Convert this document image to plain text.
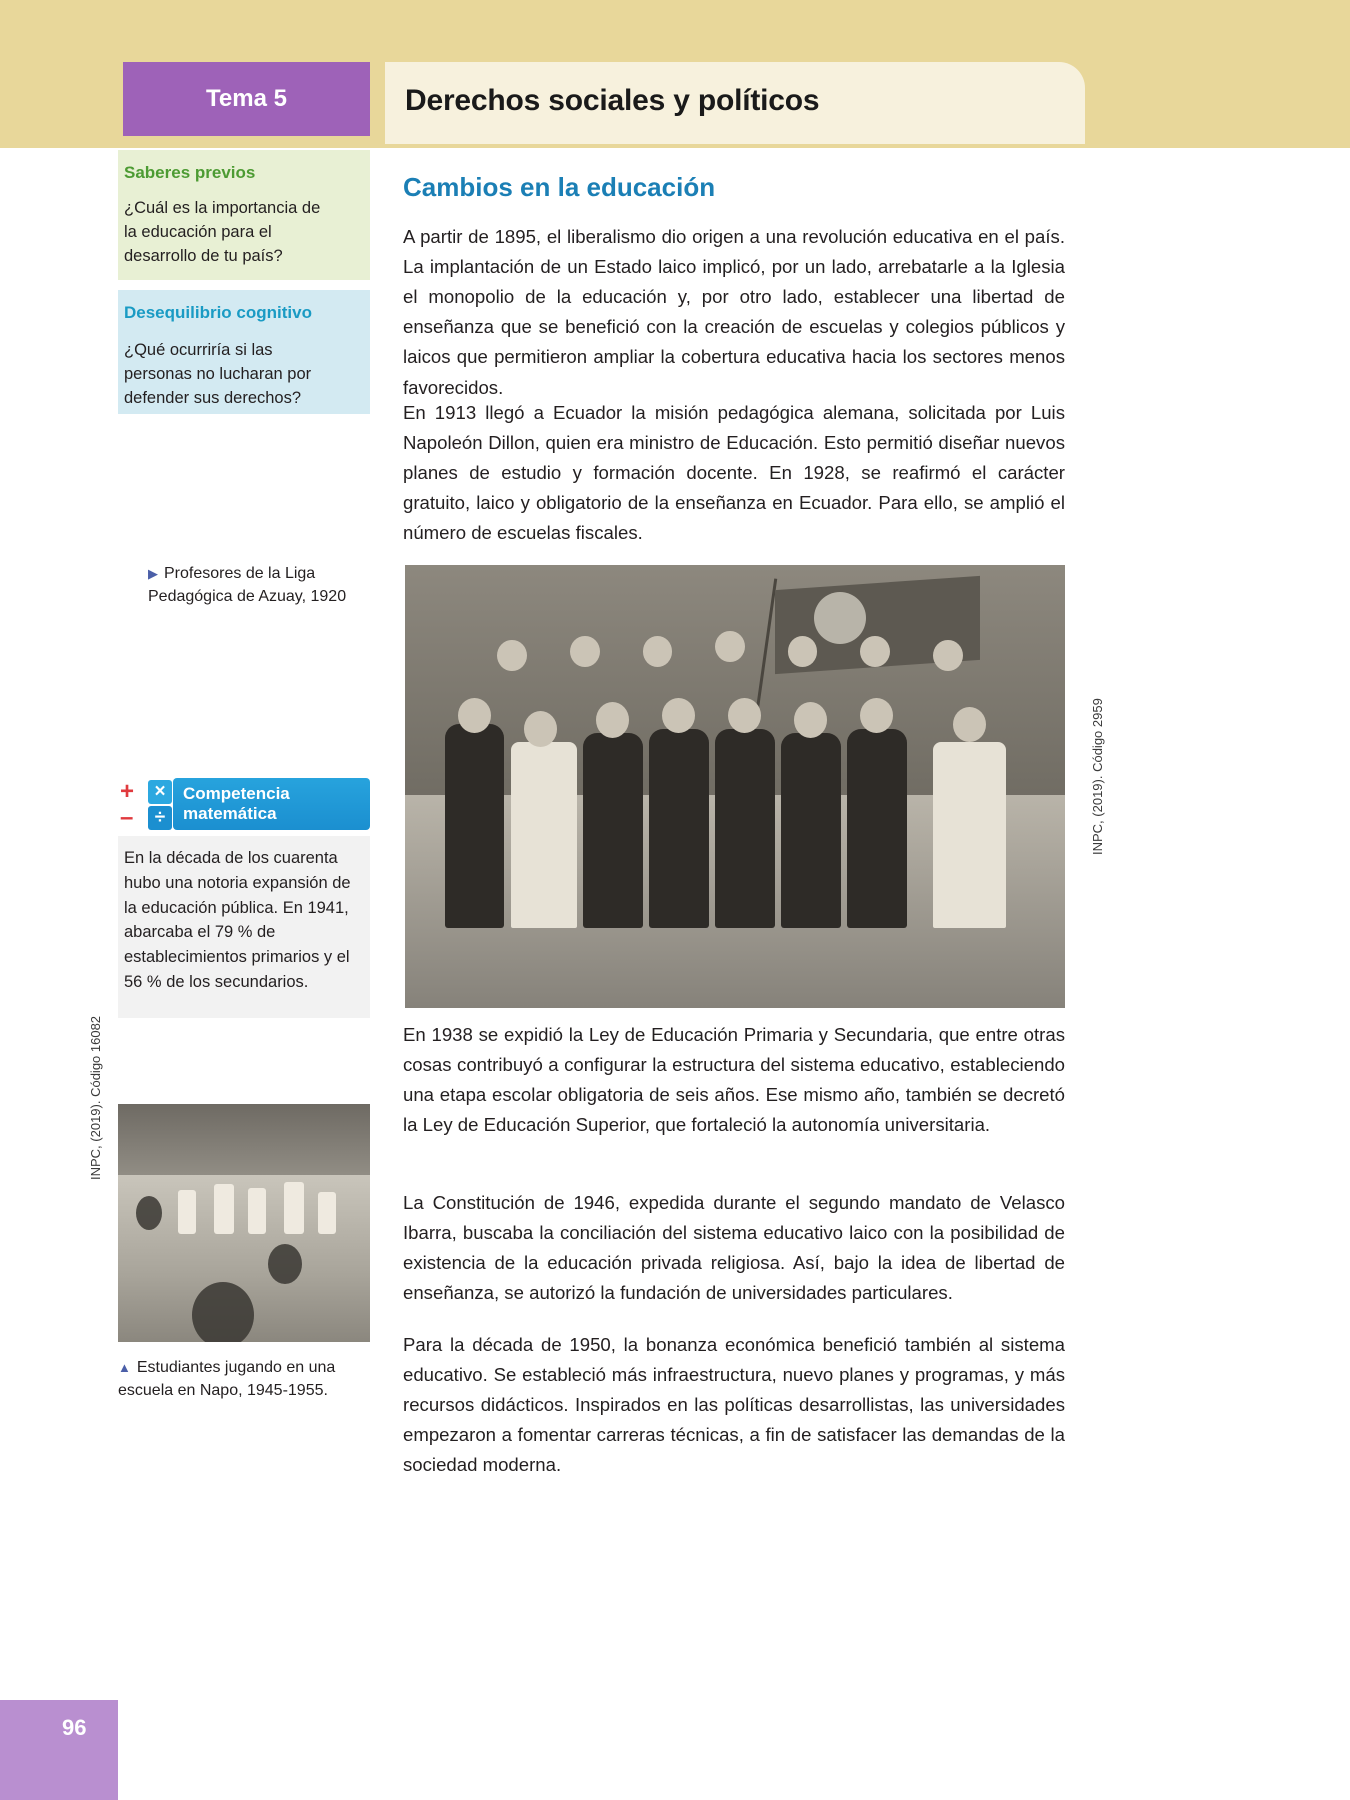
Tema 5	Derechos sociales y políticos
Saberes previos
¿Cuál es la importancia de la educación para el desarrollo de tu país?
Desequilibrio cognitivo
¿Qué ocurriría si las personas no lucharan por defender sus derechos?
▶ Profesores de la Liga Pedagógica de Azuay, 1920
+	×
–	÷
Competencia
matemática
En la década de los cuarenta hubo una notoria expansión de la educación pública. En 1941, abarcaba el 79 % de establecimientos primarios y el 56 % de los secundarios.
INPC, (2019). Código 16082
▲ Estudiantes jugando en una escuela en Napo, 1945-1955.
Cambios en la educación
A partir de 1895, el liberalismo dio origen a una revolución educativa en el país. La implantación de un Estado laico implicó, por un lado, arrebatarle a la Iglesia el monopolio de la educación y, por otro lado, establecer una libertad de enseñanza que se benefició con la creación de escuelas y colegios públicos y laicos que permitieron ampliar la cobertura educativa hacia los sectores menos favorecidos.
En 1913 llegó a Ecuador la misión pedagógica alemana, solicitada por Luis Napoleón Dillon, quien era ministro de Educación. Esto permitió diseñar nuevos planes de estudio y formación docente. En 1928, se reafirmó el carácter gratuito, laico y obligatorio de la enseñanza en Ecuador. Para ello, se amplió el número de escuelas fiscales.
INPC, (2019). Código 2959
En 1938 se expidió la Ley de Educación Primaria y Secundaria, que entre otras cosas contribuyó a configurar la estructura del sistema educativo, estableciendo una etapa escolar obligatoria de seis años. Ese mismo año, también se decretó la Ley de Educación Superior, que fortaleció la autonomía universitaria.
La Constitución de 1946, expedida durante el segundo mandato de Velasco Ibarra, buscaba la conciliación del sistema educativo laico con la posibilidad de existencia de la educación privada religiosa. Así, bajo la idea de libertad de enseñanza, se autorizó la fundación de universidades particulares.
Para la década de 1950, la bonanza económica benefició también al sistema educativo. Se estableció más infraestructura, nuevo planes y programas, y más recursos didácticos. Inspirados en las políticas desarrollistas, las universidades empezaron a fomentar carreras técnicas, a fin de satisfacer las demandas de la sociedad moderna.
96
